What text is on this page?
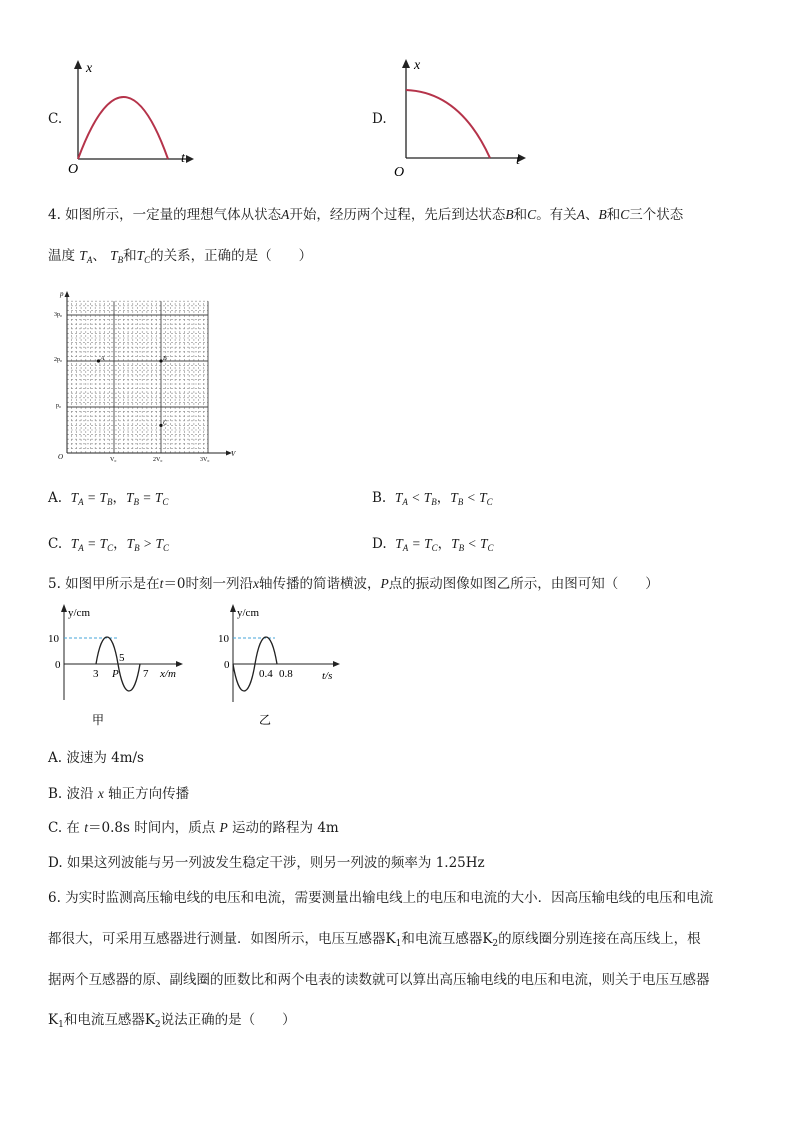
C.
x
t
O
D.
x
t
O
4. 如图所示，一定量的理想气体从状态A开始，经历两个过程，先后到达状态B和C。有关A、B和C三个状态
温度 $T_A$、 $T_B$和$T_C$的关系，正确的是（　　）
p
V
O
3p₀
2p₀
p₀
V₀	2V₀	3V₀
A	B
C
A. $T_A = T_B$，$T_B = T_C$	B. $T_A < T_B$，$T_B < T_C$
C. $T_A = T_C$，$T_B > T_C$	D. $T_A = T_C$，$T_B < T_C$
5. 如图甲所示是在t＝0时刻一列沿x轴传播的简谐横波，P点的振动图像如图乙所示，由图可知（　　）
y/cm
10
0
3
5
7
P	x/m
甲
y/cm
10
0
0.4 0.8	t/s
乙
A. 波速为 4m/s
B. 波沿 x 轴正方向传播
C. 在 t＝0.8s 时间内，质点 P 运动的路程为 4m
D. 如果这列波能与另一列波发生稳定干涉，则另一列波的频率为 1.25Hz
6. 为实时监测高压输电线的电压和电流，需要测量出输电线上的电压和电流的大小．因高压输电线的电压和电流
都很大，可采用互感器进行测量．如图所示，电压互感器$K_1$和电流互感器$K_2$的原线圈分别连接在高压线上，根
据两个互感器的原、副线圈的匝数比和两个电表的读数就可以算出高压输电线的电压和电流，则关于电压互感器
$K_1$和电流互感器$K_2$说法正确的是（　　）
